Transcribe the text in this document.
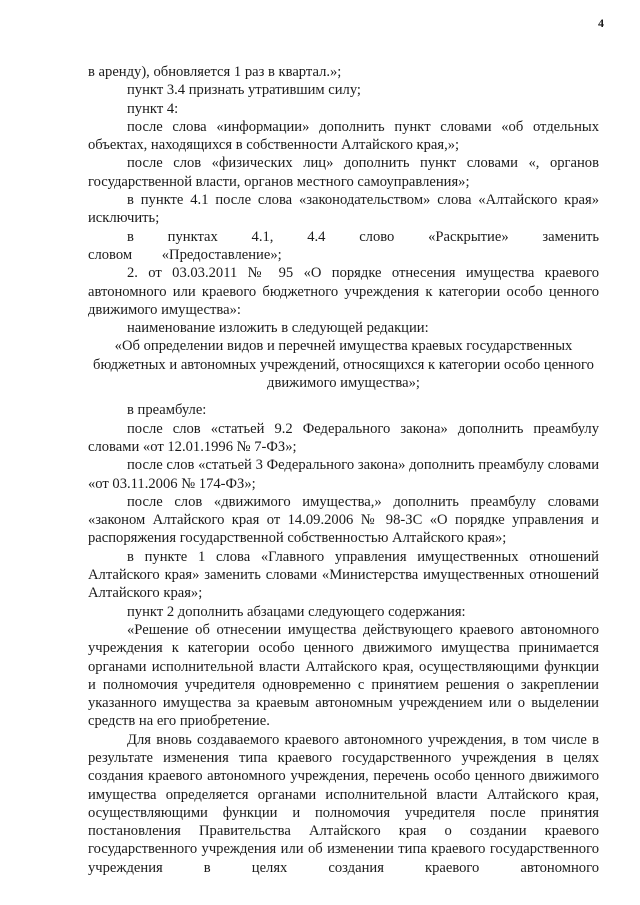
4

в аренду), обновляется 1 раз в квартал.»;

пункт 3.4 признать утратившим силу;

пункт 4:

после слова «информации» дополнить пункт словами «об отдельных объектах, находящихся в собственности Алтайского края,»;

после слов «физических лиц» дополнить пункт словами «, органов государственной власти, органов местного самоуправления»;

в пункте 4.1 после слова «законодательством» слова «Алтайского края» исключить;

в пунктах 4.1, 4.4 слово «Раскрытие» заменить словом «Предоставление»;

2. от 03.03.2011 № 95 «О порядке отнесения имущества краевого автономного или краевого бюджетного учреждения к категории особо ценного движимого имущества»:

наименование изложить в следующей редакции:

«Об определении видов и перечней имущества краевых государственных бюджетных и автономных учреждений, относящихся к категории особо ценного движимого имущества»;

в преамбуле:

после слов «статьей 9.2 Федерального закона» дополнить преамбулу словами «от 12.01.1996 № 7-ФЗ»;

после слов «статьей 3 Федерального закона» дополнить преамбулу словами «от 03.11.2006 № 174-ФЗ»;

после слов «движимого имущества,» дополнить преамбулу словами «законом Алтайского края от 14.09.2006 № 98-ЗС «О порядке управления и распоряжения государственной собственностью Алтайского края»;

в пункте 1 слова «Главного управления имущественных отношений Алтайского края» заменить словами «Министерства имущественных отношений Алтайского края»;

пункт 2 дополнить абзацами следующего содержания:

«Решение об отнесении имущества действующего краевого автономного учреждения к категории особо ценного движимого имущества принимается органами исполнительной власти Алтайского края, осуществляющими функции и полномочия учредителя одновременно с принятием решения о закреплении указанного имущества за краевым автономным учреждением или о выделении средств на его приобретение.

Для вновь создаваемого краевого автономного учреждения, в том числе в результате изменения типа краевого государственного учреждения в целях создания краевого автономного учреждения, перечень особо ценного движимого имущества определяется органами исполнительной власти Алтайского края, осуществляющими функции и полномочия учредителя после принятия постановления Правительства Алтайского края о создании краевого государственного учреждения или об изменении типа краевого государственного учреждения в целях создания краевого автономного
